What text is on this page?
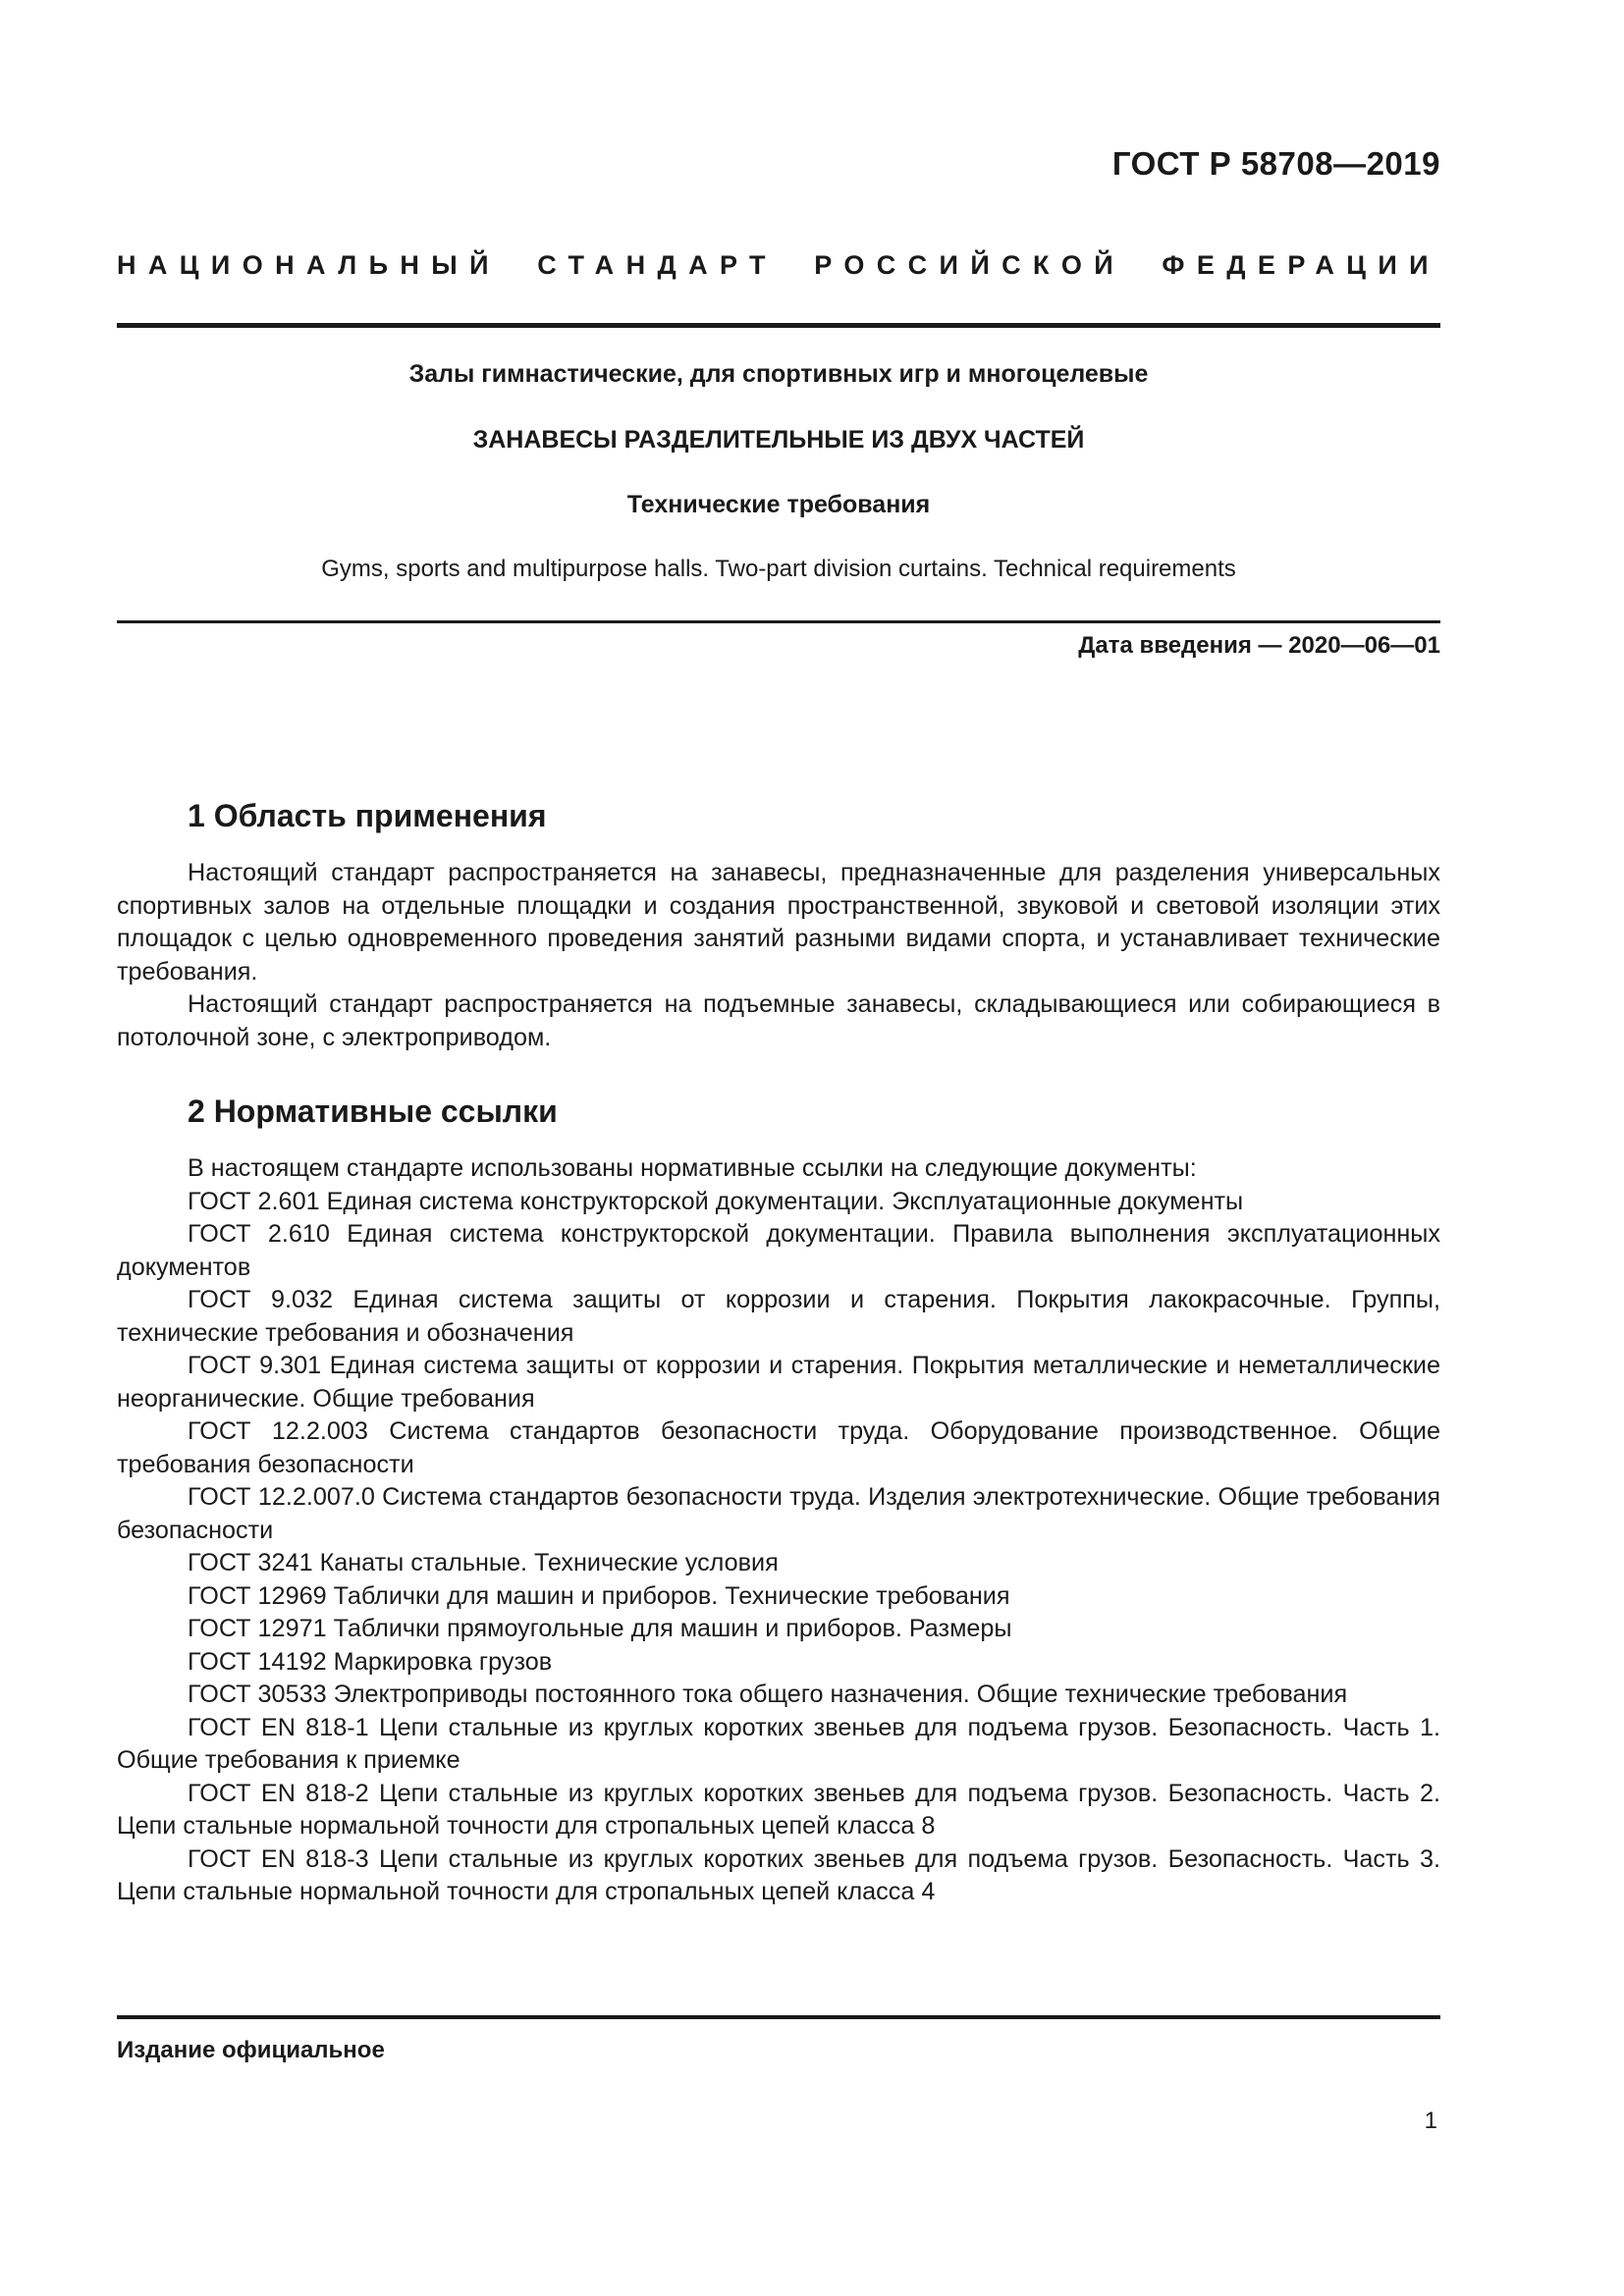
ГОСТ Р 58708—2019
НАЦИОНАЛЬНЫЙ СТАНДАРТ РОССИЙСКОЙ ФЕДЕРАЦИИ
Залы гимнастические, для спортивных игр и многоцелевые
ЗАНАВЕСЫ РАЗДЕЛИТЕЛЬНЫЕ ИЗ ДВУХ ЧАСТЕЙ
Технические требования
Gyms, sports and multipurpose halls. Two-part division curtains. Technical requirements
Дата введения — 2020—06—01
1 Область применения

Настоящий стандарт распространяется на занавесы, предназначенные для разделения универсальных спортивных залов на отдельные площадки и создания пространственной, звуковой и световой изоляции этих площадок с целью одновременного проведения занятий разными видами спорта, и устанавливает технические требования.

Настоящий стандарт распространяется на подъемные занавесы, складывающиеся или собирающиеся в потолочной зоне, с электроприводом.

2 Нормативные ссылки

В настоящем стандарте использованы нормативные ссылки на следующие документы:

ГОСТ 2.601 Единая система конструкторской документации. Эксплуатационные документы

ГОСТ 2.610 Единая система конструкторской документации. Правила выполнения эксплуатационных документов

ГОСТ 9.032 Единая система защиты от коррозии и старения. Покрытия лакокрасочные. Группы, технические требования и обозначения

ГОСТ 9.301 Единая система защиты от коррозии и старения. Покрытия металлические и неметаллические неорганические. Общие требования

ГОСТ 12.2.003 Система стандартов безопасности труда. Оборудование производственное. Общие требования безопасности

ГОСТ 12.2.007.0 Система стандартов безопасности труда. Изделия электротехнические. Общие требования безопасности

ГОСТ 3241 Канаты стальные. Технические условия

ГОСТ 12969 Таблички для машин и приборов. Технические требования

ГОСТ 12971 Таблички прямоугольные для машин и приборов. Размеры

ГОСТ 14192 Маркировка грузов

ГОСТ 30533 Электроприводы постоянного тока общего назначения. Общие технические требования

ГОСТ EN 818-1 Цепи стальные из круглых коротких звеньев для подъема грузов. Безопасность. Часть 1. Общие требования к приемке

ГОСТ EN 818-2 Цепи стальные из круглых коротких звеньев для подъема грузов. Безопасность. Часть 2. Цепи стальные нормальной точности для стропальных цепей класса 8

ГОСТ EN 818-3 Цепи стальные из круглых коротких звеньев для подъема грузов. Безопасность. Часть 3. Цепи стальные нормальной точности для стропальных цепей класса 4

Издание официальное
1
